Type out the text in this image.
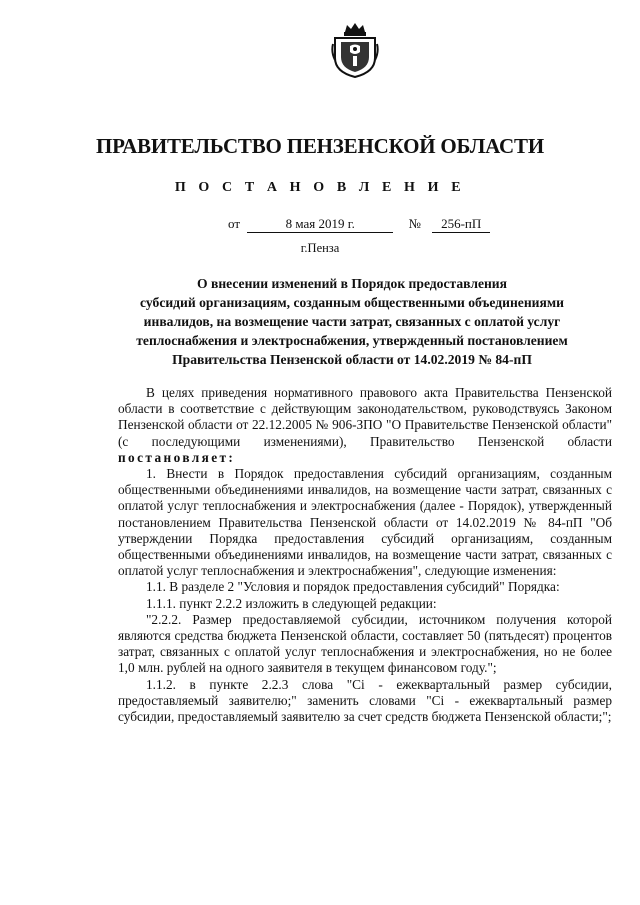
ПРАВИТЕЛЬСТВО ПЕНЗЕНСКОЙ ОБЛАСТИ
П О С Т А Н О В Л Е Н И Е
от	8 мая 2019 г.	№ 256-пП
г.Пенза
О внесении изменений в Порядок предоставления
субсидий организациям, созданным общественными объединениями
инвалидов, на возмещение части затрат, связанных с оплатой услуг
теплоснабжения и электроснабжения, утвержденный постановлением
Правительства Пензенской области от 14.02.2019 № 84-пП

В целях приведения нормативного правового акта Правительства Пензенской области в соответствие с действующим законодательством, руководствуясь Законом Пензенской области от 22.12.2005 № 906-ЗПО "О Правительстве Пензенской области" (с последующими изменениями), Правительство Пензенской области постановляет:

1. Внести в Порядок предоставления субсидий организациям, созданным общественными объединениями инвалидов, на возмещение части затрат, связанных с оплатой услуг теплоснабжения и электроснабжения (далее - Порядок), утвержденный постановлением Правительства Пензенской области от 14.02.2019 № 84-пП "Об утверждении Порядка предоставления субсидий организациям, созданным общественными объединениями инвалидов, на возмещение части затрат, связанных с оплатой услуг теплоснабжения и электроснабжения", следующие изменения:

1.1. В разделе 2 "Условия и порядок предоставления субсидий" Порядка:

1.1.1. пункт 2.2.2 изложить в следующей редакции:

"2.2.2. Размер предоставляемой субсидии, источником получения которой являются средства бюджета Пензенской области, составляет 50 (пятьдесят) процентов затрат, связанных с оплатой услуг теплоснабжения и электроснабжения, но не более 1,0 млн. рублей на одного заявителя в текущем финансовом году.";

1.1.2. в пункте 2.2.3 слова "Ci - ежеквартальный размер субсидии, предоставляемый заявителю;" заменить словами "Ci - ежеквартальный размер субсидии, предоставляемый заявителю за счет средств бюджета Пензенской области;";
